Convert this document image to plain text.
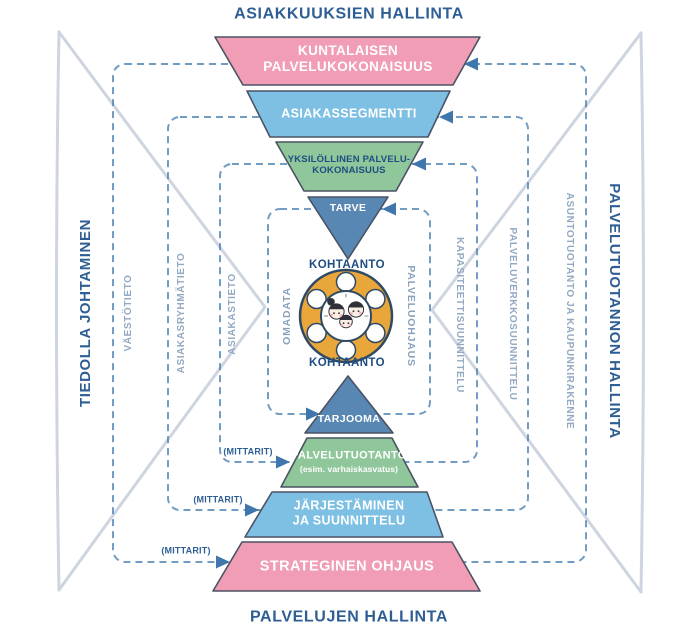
ASIAKKUUKSIEN HALLINTA
PALVELUJEN HALLINTA
TIEDOLLA JOHTAMINEN	PALVELUTUOTANNON HALLINTA
KUNTALAISEN
PALVELUKOKONAISUUS
ASIAKASSEGMENTTI
YKSILÖLLINEN PALVELU-
KOKONAISUUS
TARVE
KOHTAANTO
KOHTAANTO
OMADATA	PALVELUOHJAUS
TARJOOMA
PALVELUTUOTANTO
(esim. varhaiskasvatus)
JÄRJESTÄMINEN
JA SUUNNITTELU
STRATEGINEN OHJAUS
VÄESTÖTIETO	ASIAKASRYHMÄTIETO	ASIAKASTIETO	KAPASITEETTISUUNNITTELU	PALVELUVERKKOSUUNNITTELU	ASUNTOTUOTANTO JA KAUPUNKIRAKENNE
(MITTARIT)
(MITTARIT)
(MITTARIT)
